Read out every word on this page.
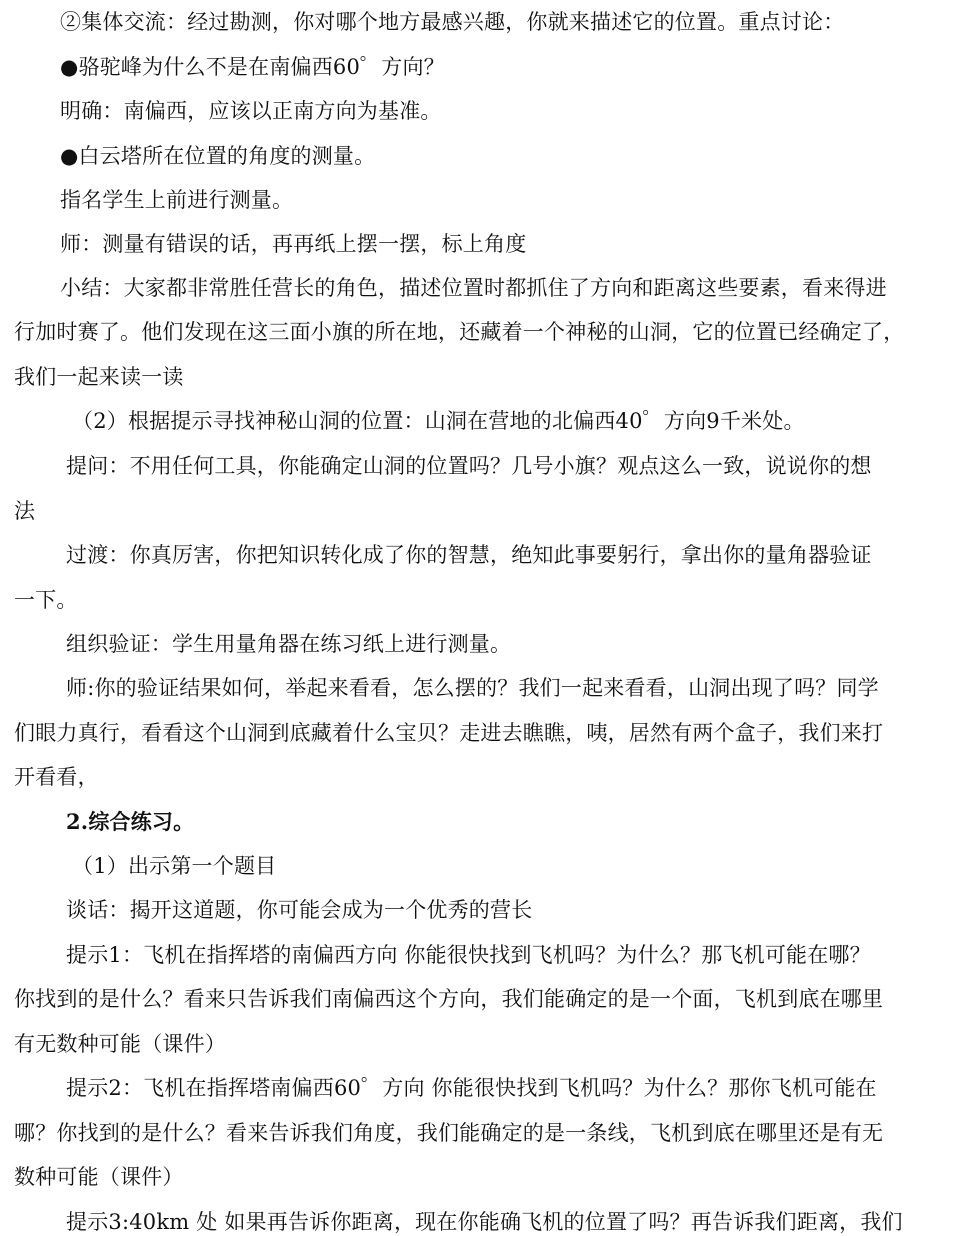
②集体交流：经过勘测，你对哪个地方最感兴趣，你就来描述它的位置。重点讨论：
●骆驼峰为什么不是在南偏西60゜方向？
明确：南偏西，应该以正南方向为基准。
●白云塔所在位置的角度的测量。
指名学生上前进行测量。
师：测量有错误的话，再再纸上摆一摆，标上角度
小结：大家都非常胜任营长的角色，描述位置时都抓住了方向和距离这些要素，看来得进
行加时赛了。他们发现在这三面小旗的所在地，还藏着一个神秘的山洞，它的位置已经确定了，
我们一起来读一读
（2）根据提示寻找神秘山洞的位置：山洞在营地的北偏西40゜方向9千米处。
提问：不用任何工具，你能确定山洞的位置吗？几号小旗？观点这么一致，说说你的想
法
过渡：你真厉害，你把知识转化成了你的智慧，绝知此事要躬行，拿出你的量角器验证
一下。
组织验证：学生用量角器在练习纸上进行测量。
师:你的验证结果如何，举起来看看，怎么摆的？我们一起来看看，山洞出现了吗？同学
们眼力真行，看看这个山洞到底藏着什么宝贝？走进去瞧瞧，咦，居然有两个盒子，我们来打
开看看，
2.综合练习。
（1）出示第一个题目
谈话：揭开这道题，你可能会成为一个优秀的营长
提示1：飞机在指挥塔的南偏西方向 你能很快找到飞机吗？为什么？那飞机可能在哪？
你找到的是什么？看来只告诉我们南偏西这个方向，我们能确定的是一个面，飞机到底在哪里
有无数种可能（课件）
提示2：飞机在指挥塔南偏西60゜方向 你能很快找到飞机吗？为什么？那你飞机可能在
哪？你找到的是什么？看来告诉我们角度，我们能确定的是一条线，飞机到底在哪里还是有无
数种可能（课件）
提示3:40km 处 如果再告诉你距离，现在你能确飞机的位置了吗？再告诉我们距离，我们
